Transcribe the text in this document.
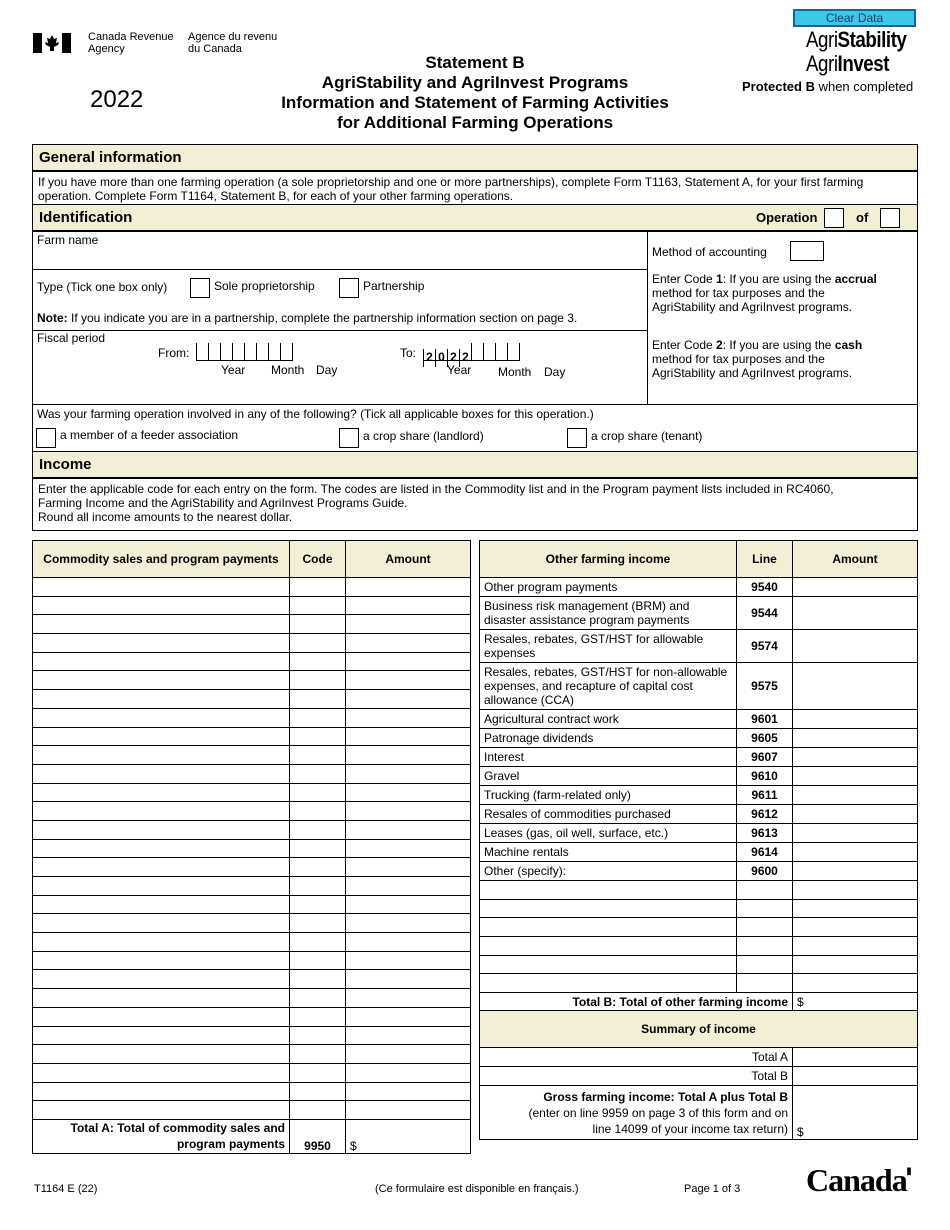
Canada Revenue
Agency
Agence du revenu
du Canada
2022
Statement B
AgriStability and AgriInvest Programs
Information and Statement of Farming Activities
for Additional Farming Operations
Clear Data
AgriStability
AgriInvest
Protected B when completed
General information
If you have more than one farming operation (a sole proprietorship and one or more partnerships), complete Form T1163, Statement A, for your first farming operation. Complete Form T1164, Statement B, for each of your other farming operations.
Identification	Operation	of
Farm name
Type (Tick one box only)	Sole proprietorship	Partnership
Note: If you indicate you are in a partnership, complete the partnership information section on page 3.
Fiscal period
From:
Year Month Day
To: 2 0 2 2
Year Month Day
Method of accounting
Enter Code 1: If you are using the accrual
method for tax purposes and the
AgriStability and AgriInvest programs.
Enter Code 2: If you are using the cash
method for tax purposes and the
AgriStability and AgriInvest programs.
Was your farming operation involved in any of the following? (Tick all applicable boxes for this operation.)
a member of a feeder association	a crop share (landlord)	a crop share (tenant)
Income
Enter the applicable code for each entry on the form. The codes are listed in the Commodity list and in the Program payment lists included in RC4060,
Farming Income and the AgriStability and AgriInvest Programs Guide.
Round all income amounts to the nearest dollar.
Commodity sales and program payments	Code	Amount

Total A: Total of commodity sales and
program payments	9950	$
Other farming income	Line	Amount
Other program payments	9540	
Business risk management (BRM) and disaster assistance program payments	9544	
Resales, rebates, GST/HST for allowable expenses	9574	
Resales, rebates, GST/HST for non-allowable expenses, and recapture of capital cost allowance (CCA)	9575	
Agricultural contract work	9601	
Patronage dividends	9605	
Interest	9607	
Gravel	9610	
Trucking (farm-related only)	9611	
Resales of commodities purchased	9612	
Leases (gas, oil well, surface, etc.)	9613	
Machine rentals	9614	
Other (specify):	9600	

Total B: Total of other farming income		$
Summary of income	
Total A	
Total B	

Gross farming income: Total A plus Total B
(enter on line 9959 on page 3 of this form and on
line 14099 of your income tax return)	$
T1164 E (22)	(Ce formulaire est disponible en français.)	Page 1 of 3 Canada ▮
